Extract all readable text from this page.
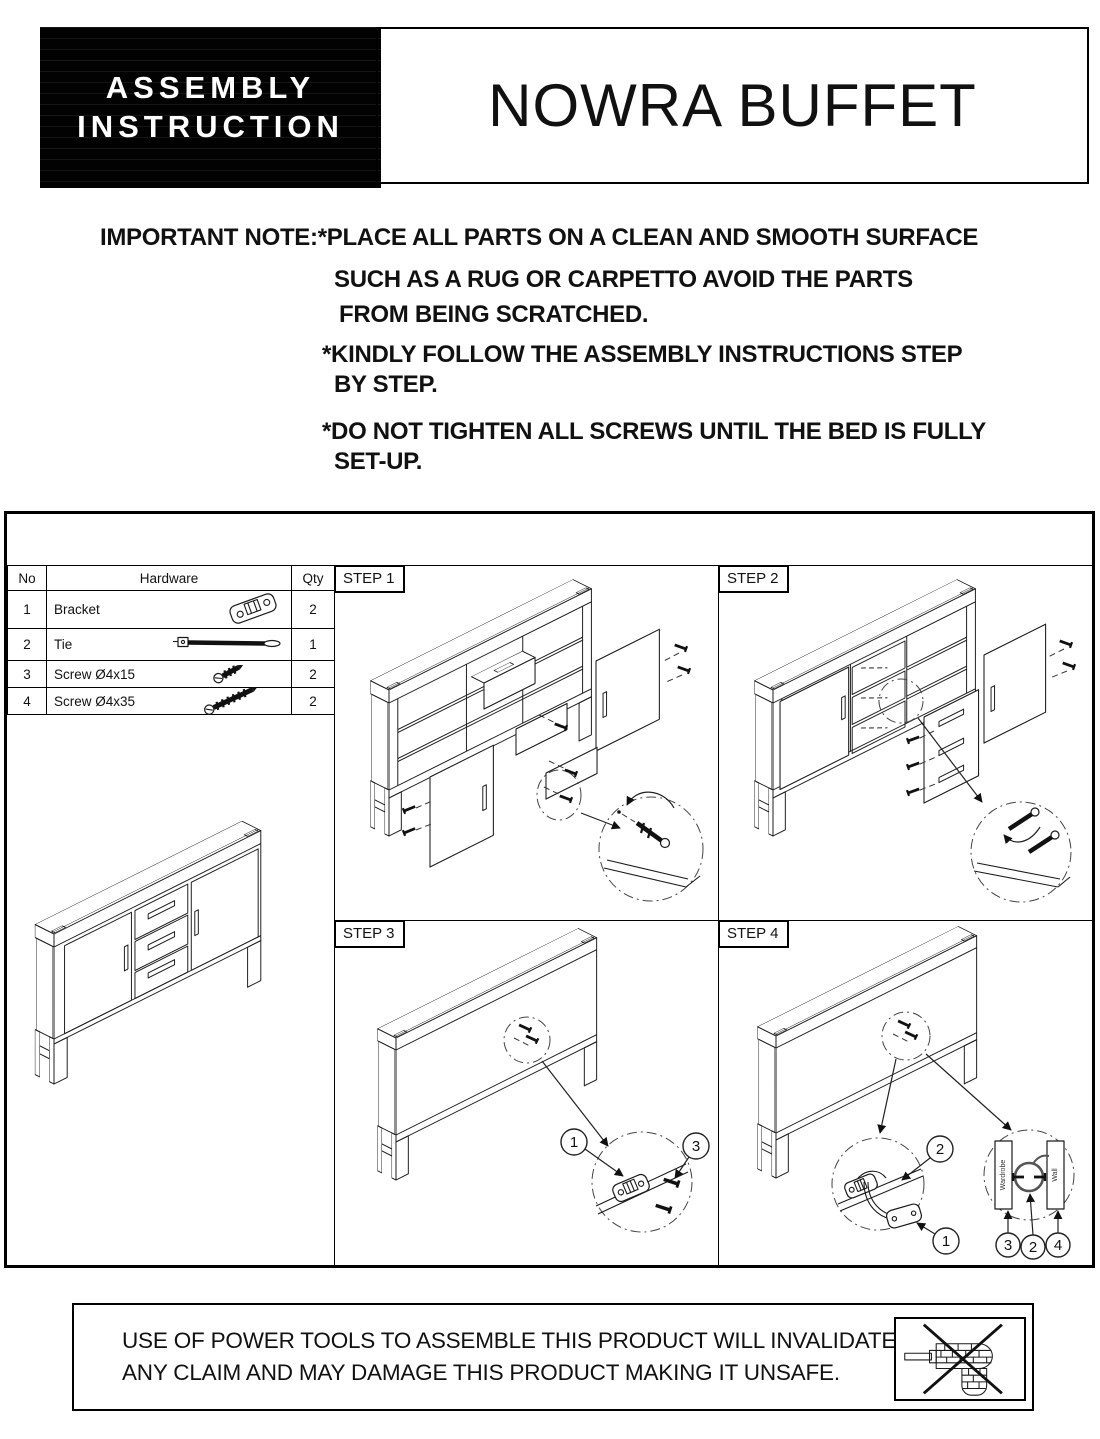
ASSEMBLY
INSTRUCTION NOWRA BUFFET
IMPORTANT NOTE:*PLACE ALL PARTS ON A CLEAN AND SMOOTH SURFACE
SUCH AS A RUG OR CARPETTO AVOID THE PARTS
FROM BEING SCRATCHED.
*KINDLY FOLLOW THE ASSEMBLY INSTRUCTIONS STEP
BY STEP.
*DO NOT TIGHTEN ALL SCREWS UNTIL THE BED IS FULLY
SET-UP.
No	Hardware	Qty
1	Bracket	2
2	Tie	1
3	Screw Ø4x15	2
4	Screw Ø4x35	2
STEP 1	STEP 2
STEP 3
1	3
STEP 4
2
1
Wardrobe	Wall
3 2 4
USE OF POWER TOOLS TO ASSEMBLE THIS PRODUCT WILL INVALIDATE
ANY CLAIM AND MAY DAMAGE THIS PRODUCT MAKING IT UNSAFE.
